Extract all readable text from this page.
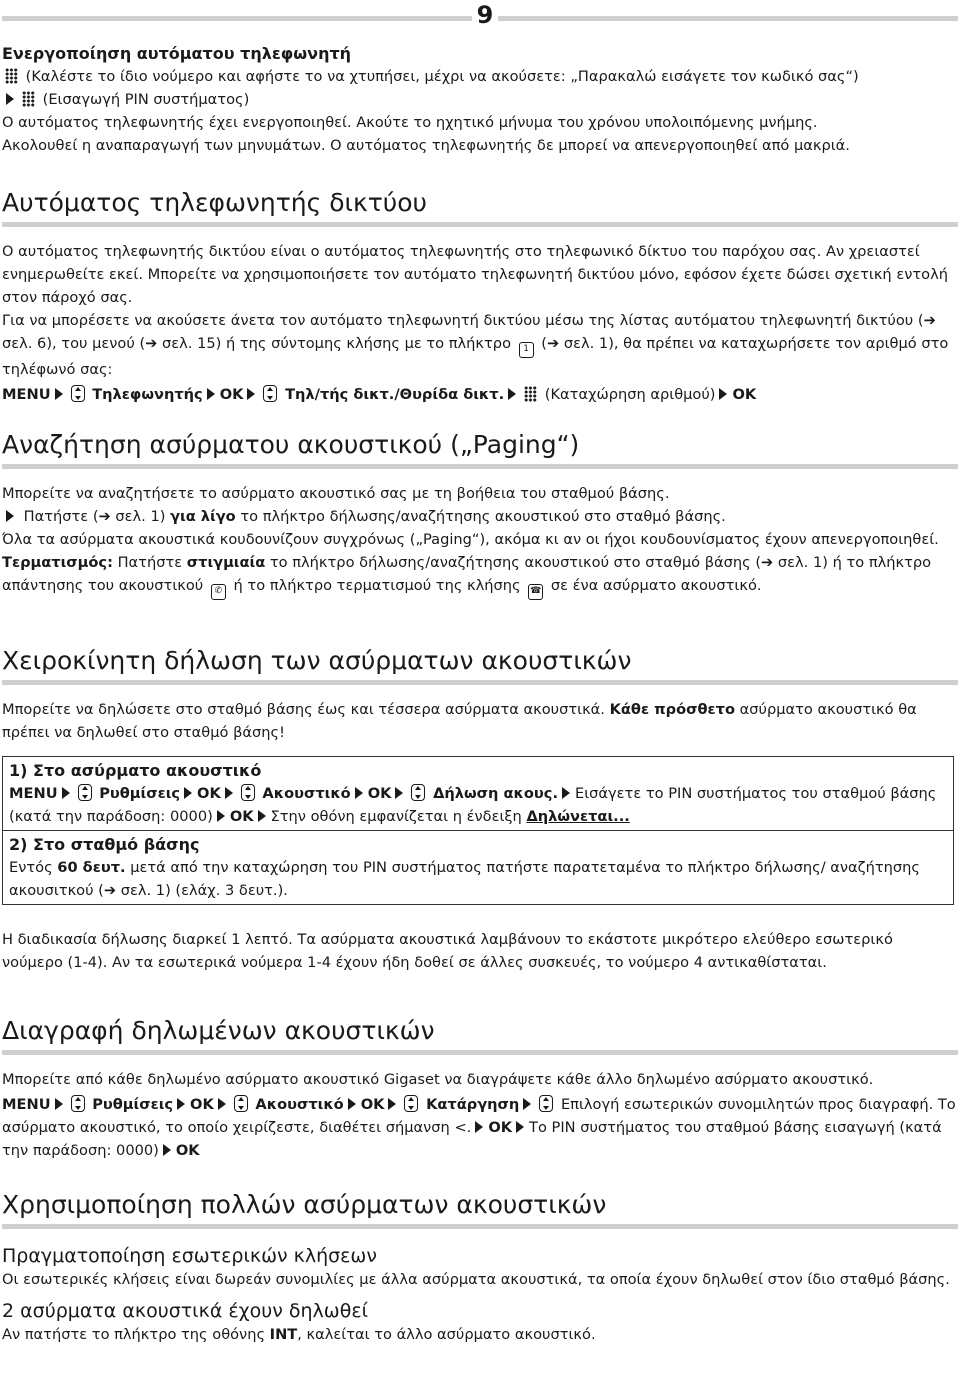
9
Ενεργοποίηση αυτόματου τηλεφωνητή
(Καλέστε το ίδιο νούμερο και αφήστε το να χτυπήσει, μέχρι να ακούσετε: „Παρακαλώ εισάγετε τον κωδικό σας“)
(Εισαγωγή PIN συστήματος)
Ο αυτόματος τηλεφωνητής έχει ενεργοποιηθεί. Ακούτε το ηχητικό μήνυμα του χρόνου υπολοιπόμενης μνήμης.
Ακολουθεί η αναπαραγωγή των μηνυμάτων. Ο αυτόματος τηλεφωνητής δε μπορεί να απενεργοποιηθεί από μακριά.
Αυτόματος τηλεφωνητής δικτύου

Ο αυτόματος τηλεφωνητής δικτύου είναι ο αυτόματος τηλεφωνητής στο τηλεφωνικό δίκτυο του παρόχου σας. Αν χρειαστεί ενημερωθείτε εκεί. Μπορείτε να χρησιμοποιήσετε τον αυτόματο τηλεφωνητή δικτύου μόνο, εφόσον έχετε δώσει σχετική εντολή στον πάροχό σας.

Για να μπορέσετε να ακούσετε άνετα τον αυτόματο τηλεφωνητή δικτύου μέσω της λίστας αυτόματου τηλεφωνητή δικτύου (➔ σελ. 6), του μενού (➔ σελ. 15) ή της σύντομης κλήσης με το πλήκτρο 1 (➔ σελ. 1), θα πρέπει να καταχωρήσετε τον αριθμό στο τηλέφωνό σας:

MENU	Τηλεφωνητής OK	Τηλ/τής δικτ./Θυρίδα δικτ.	(Καταχώρηση αριθμού) OK
Αναζήτηση ασύρματου ακουστικού („Paging“)

Μπορείτε να αναζητήσετε το ασύρματο ακουστικό σας με τη βοήθεια του σταθμού βάσης.

Πατήστε (➔ σελ. 1) για λίγο το πλήκτρο δήλωσης/αναζήτησης ακουστικού στο σταθμό βάσης.

Όλα τα ασύρματα ακουστικά κουδουνίζουν συγχρόνως („Paging“), ακόμα κι αν οι ήχοι κουδουνίσματος έχουν απενεργοποιηθεί.

Τερματισμός: Πατήστε στιγμιαία το πλήκτρο δήλωσης/αναζήτησης ακουστικού στο σταθμό βάσης (➔ σελ. 1) ή το πλήκτρο απάντησης του ακουστικού ✆ ή το πλήκτρο τερματισμού της κλήσης ☎ σε ένα ασύρματο ακουστικό.

Χειροκίνητη δήλωση των ασύρματων ακουστικών

Μπορείτε να δηλώσετε στο σταθμό βάσης έως και τέσσερα ασύρματα ακουστικά. Κάθε πρόσθετο ασύρματο ακουστικό θα πρέπει να δηλωθεί στο σταθμό βάσης!

1) Στο ασύρματο ακουστικό
MENU	Ρυθμίσεις OK	Ακουστικό OK	Δήλωση ακους. Εισάγετε το PIN συστήματος του σταθμού βάσης (κατά την παράδοση: 0000) OK Στην οθόνη εμφανίζεται η ένδειξη Δηλώνεται...
2) Στο σταθμό βάσης
Εντός 60 δευτ. μετά από την καταχώρηση του PIN συστήματος πατήστε παρατεταμένα το πλήκτρο δήλωσης/ αναζήτησης ακουσιτκού (➔ σελ. 1) (ελάχ. 3 δευτ.).

Η διαδικασία δήλωσης διαρκεί 1 λεπτό. Τα ασύρματα ακουστικά λαμβάνουν το εκάστοτε μικρότερο ελεύθερο εσωτερικό νούμερο (1-4). Αν τα εσωτερικά νούμερα 1-4 έχουν ήδη δοθεί σε άλλες συσκευές, το νούμερο 4 αντικαθίσταται.

Διαγραφή δηλωμένων ακουστικών

Μπορείτε από κάθε δηλωμένο ασύρματο ακουστικό Gigaset να διαγράψετε κάθε άλλο δηλωμένο ασύρματο ακουστικό.

MENU	Ρυθμίσεις OK	Ακουστικό OK	Κατάργηση	Επιλογή εσωτερικών συνομιλητών προς διαγραφή. Το ασύρματο ακουστικό, το οποίο χειρίζεστε, διαθέτει σήμανση <. OK Το PIN συστήματος του σταθμού βάσης εισαγωγή (κατά την παράδοση: 0000) OK
Χρησιμοποίηση πολλών ασύρματων ακουστικών
Πραγματοποίηση εσωτερικών κλήσεων

Οι εσωτερικές κλήσεις είναι δωρεάν συνομιλίες με άλλα ασύρματα ακουστικά, τα οποία έχουν δηλωθεί στον ίδιο σταθμό βάσης.

2 ασύρματα ακουστικά έχουν δηλωθεί

Αν πατήστε το πλήκτρο της οθόνης INT, καλείται το άλλο ασύρματο ακουστικό.
